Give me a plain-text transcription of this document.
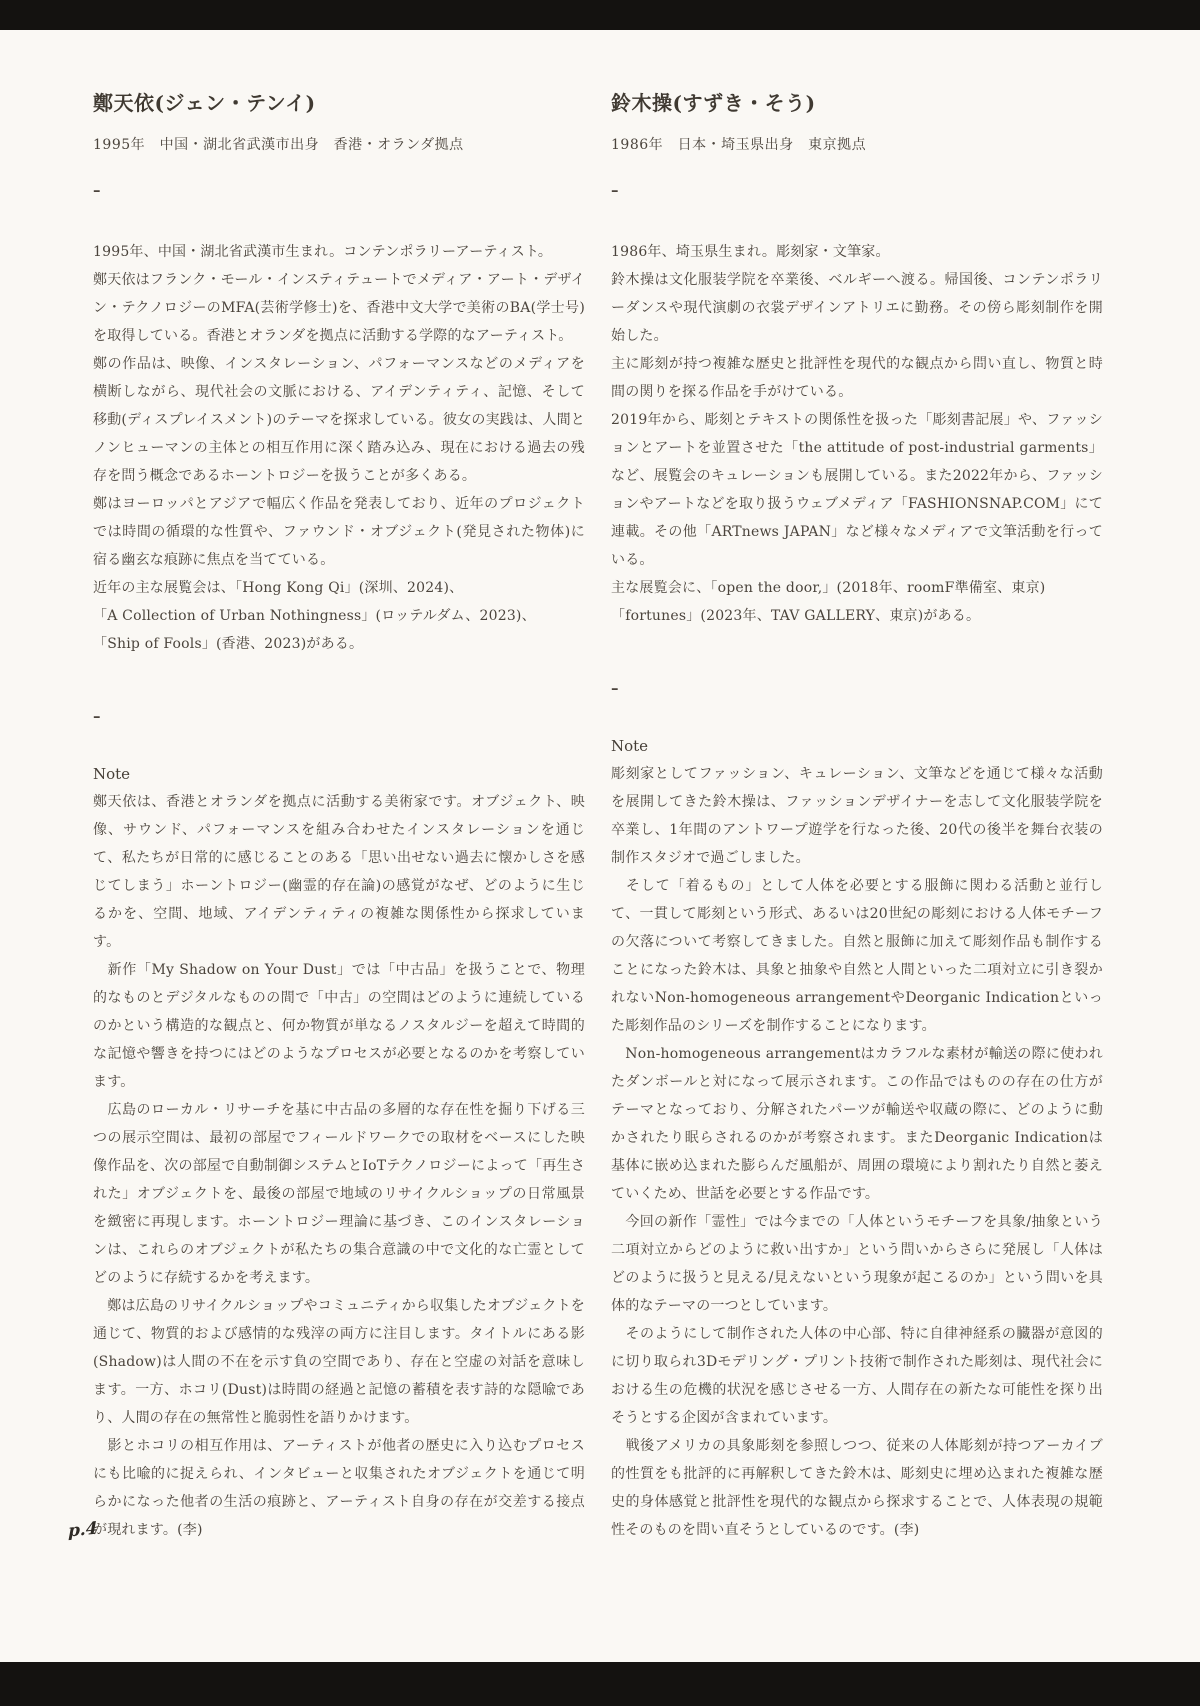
鄭天依(ジェン・テンイ)

1995年　中国・湖北省武漢市出身　香港・オランダ拠点

–

1995年、中国・湖北省武漢市生まれ。コンテンポラリーアーティスト。

鄭天依はフランク・モール・インスティテュートでメディア・アート・デザイン・テクノロジーのMFA(芸術学修士)を、香港中文大学で美術のBA(学士号)を取得している。香港とオランダを拠点に活動する学際的なアーティスト。

鄭の作品は、映像、インスタレーション、パフォーマンスなどのメディアを横断しながら、現代社会の文脈における、アイデンティティ、記憶、そして移動(ディスプレイスメント)のテーマを探求している。彼女の実践は、人間とノンヒューマンの主体との相互作用に深く踏み込み、現在における過去の残存を問う概念であるホーントロジーを扱うことが多くある。

鄭はヨーロッパとアジアで幅広く作品を発表しており、近年のプロジェクトでは時間の循環的な性質や、ファウンド・オブジェクト(発見された物体)に宿る幽玄な痕跡に焦点を当てている。

近年の主な展覧会は、「Hong Kong Qi」(深圳、2024)、

「A Collection of Urban Nothingness」(ロッテルダム、2023)、

「Ship of Fools」(香港、2023)がある。

–

Note

鄭天依は、香港とオランダを拠点に活動する美術家です。オブジェクト、映像、サウンド、パフォーマンスを組み合わせたインスタレーションを通じて、私たちが日常的に感じることのある「思い出せない過去に懐かしさを感じてしまう」ホーントロジー(幽霊的存在論)の感覚がなぜ、どのように生じるかを、空間、地域、アイデンティティの複雑な関係性から探求しています。

　新作「My Shadow on Your Dust」では「中古品」を扱うことで、物理的なものとデジタルなものの間で「中古」の空間はどのように連続しているのかという構造的な観点と、何か物質が単なるノスタルジーを超えて時間的な記憶や響きを持つにはどのようなプロセスが必要となるのかを考察しています。

　広島のローカル・リサーチを基に中古品の多層的な存在性を掘り下げる三つの展示空間は、最初の部屋でフィールドワークでの取材をベースにした映像作品を、次の部屋で自動制御システムとIoTテクノロジーによって「再生された」オブジェクトを、最後の部屋で地域のリサイクルショップの日常風景を緻密に再現します。ホーントロジー理論に基づき、このインスタレーションは、これらのオブジェクトが私たちの集合意識の中で文化的な亡霊としてどのように存続するかを考えます。

　鄭は広島のリサイクルショップやコミュニティから収集したオブジェクトを通じて、物質的および感情的な残滓の両方に注目します。タイトルにある影(Shadow)は人間の不在を示す負の空間であり、存在と空虚の対話を意味します。一方、ホコリ(Dust)は時間の経過と記憶の蓄積を表す詩的な隠喩であり、人間の存在の無常性と脆弱性を語りかけます。

　影とホコリの相互作用は、アーティストが他者の歴史に入り込むプロセスにも比喩的に捉えられ、インタビューと収集されたオブジェクトを通じて明らかになった他者の生活の痕跡と、アーティスト自身の存在が交差する接点が現れます。(李)

鈴木操(すずき・そう)

1986年　日本・埼玉県出身　東京拠点

–

1986年、埼玉県生まれ。彫刻家・文筆家。

鈴木操は文化服装学院を卒業後、ベルギーへ渡る。帰国後、コンテンポラリーダンスや現代演劇の衣裳デザインアトリエに勤務。その傍ら彫刻制作を開始した。

主に彫刻が持つ複雑な歴史と批評性を現代的な観点から問い直し、物質と時間の関りを探る作品を手がけている。

2019年から、彫刻とテキストの関係性を扱った「彫刻書記展」や、ファッションとアートを並置させた「the attitude of post-industrial garments」など、展覧会のキュレーションも展開している。また2022年から、ファッションやアートなどを取り扱うウェブメディア「FASHIONSNAP.COM」にて連載。その他「ARTnews JAPAN」など様々なメディアで文筆活動を行っている。

主な展覧会に、「open the door,」(2018年、roomF準備室、東京)

「fortunes」(2023年、TAV GALLERY、東京)がある。

–

Note

彫刻家としてファッション、キュレーション、文筆などを通じて様々な活動を展開してきた鈴木操は、ファッションデザイナーを志して文化服装学院を卒業し、1年間のアントワープ遊学を行なった後、20代の後半を舞台衣装の制作スタジオで過ごしました。

　そして「着るもの」として人体を必要とする服飾に関わる活動と並行して、一貫して彫刻という形式、あるいは20世紀の彫刻における人体モチーフの欠落について考察してきました。自然と服飾に加えて彫刻作品も制作することになった鈴木は、具象と抽象や自然と人間といった二項対立に引き裂かれないNon-homogeneous arrangementやDeorganic Indicationといった彫刻作品のシリーズを制作することになります。

　Non-homogeneous arrangementはカラフルな素材が輸送の際に使われたダンボールと対になって展示されます。この作品ではものの存在の仕方がテーマとなっており、分解されたパーツが輸送や収蔵の際に、どのように動かされたり眠らされるのかが考察されます。またDeorganic Indicationは基体に嵌め込まれた膨らんだ風船が、周囲の環境により割れたり自然と萎えていくため、世話を必要とする作品です。

　今回の新作「霊性」では今までの「人体というモチーフを具象/抽象という二項対立からどのように救い出すか」という問いからさらに発展し「人体はどのように扱うと見える/見えないという現象が起こるのか」という問いを具体的なテーマの一つとしています。

　そのようにして制作された人体の中心部、特に自律神経系の臓器が意図的に切り取られ3Dモデリング・プリント技術で制作された彫刻は、現代社会における生の危機的状況を感じさせる一方、人間存在の新たな可能性を探り出そうとする企図が含まれています。

　戦後アメリカの具象彫刻を参照しつつ、従来の人体彫刻が持つアーカイブ的性質をも批評的に再解釈してきた鈴木は、彫刻史に埋め込まれた複雑な歴史的身体感覚と批評性を現代的な観点から探求することで、人体表現の規範性そのものを問い直そうとしているのです。(李)

p.4
